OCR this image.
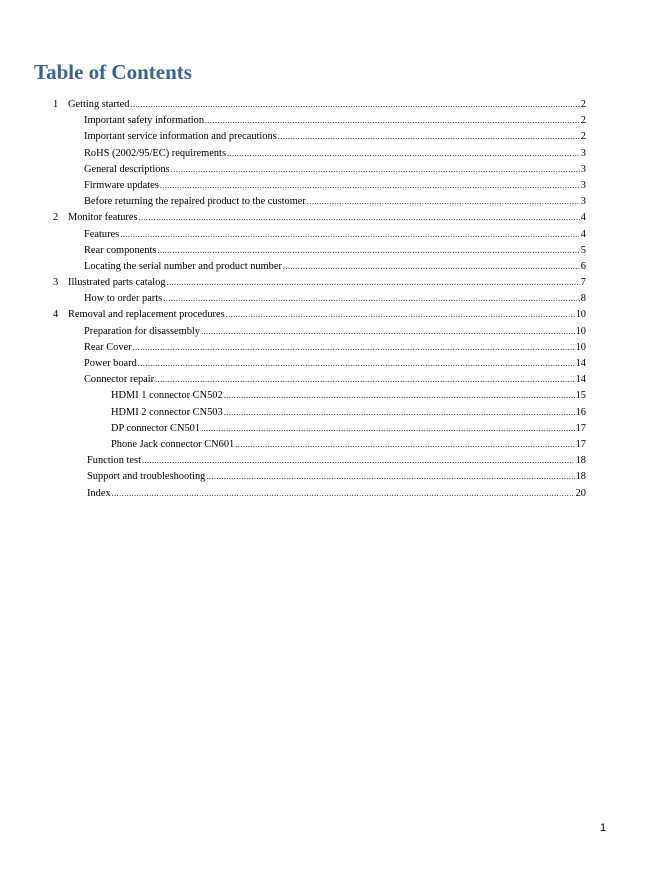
Table of Contents
1 Getting started .....	2
Important safety information .....	2
Important service information and precautions .....	2
RoHS (2002/95/EC) requirements .....	3
General descriptions .....	3
Firmware updates .....	3
Before returning the repaired product to the customer .....	3
2 Monitor features .....	4
Features .....	4
Rear components .....	5
Locating the serial number and product number .....	6
3 Illustrated parts catalog .....	7
How to order parts .....	8
4 Removal and replacement procedures .....	10
Preparation for disassembly .....	10
Rear Cover .....	10
Power board .....	14
Connector repair .....	14
HDMI 1 connector CN502 .....	15
HDMI 2 connector CN503 .....	16
DP connector CN501 .....	17
Phone Jack connector CN601 .....	17
Function test .....	18
Support and troubleshooting .....	18
Index .....	20
1
